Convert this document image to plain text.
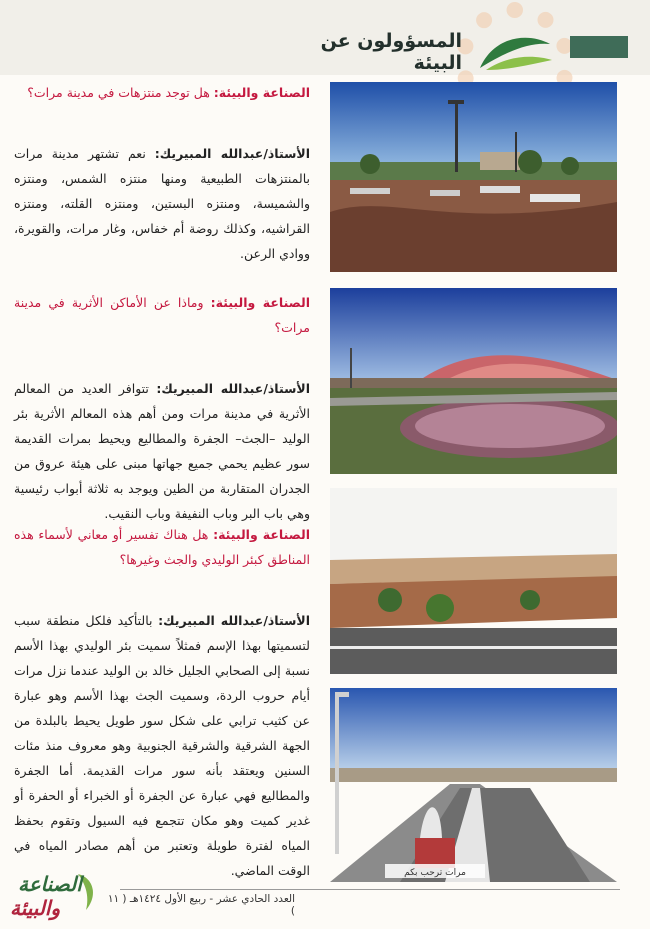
المسؤولون عن البيئة

الصناعة والبيئة: هل توجد منتزهات في مدينة مرات؟

الأستاذ/عبدالله المبيريك: نعم تشتهر مدينة مرات بالمنتزهات الطبيعية ومنها منتزه الشمس، ومنتزه والشميسة، ومنتزه البستين، ومنتزه القلته، ومنتزه القراشيه، وكذلك روضة أم خفاس، وغار مرات، والقويرة، ووادي الرعن.

الصناعة والبيئة: وماذا عن الأماكن الأثرية في مدينة مرات؟

الأستاذ/عبدالله المبيريك: تتوافر العديد من المعالم الأثرية في مدينة مرات ومن أهم هذه المعالم الأثرية بئر الوليد –الجث– الجفرة والمطاليع ويحيط بمرات القديمة سور عظيم يحمي جميع جهاتها مبنى على هيئة عروق من الجدران المتقاربة من الطين ويوجد به ثلاثة أبواب رئيسية وهي باب البر وباب النفيفة وباب النقيب.

الصناعة والبيئة: هل هناك تفسير أو معاني لأسماء هذه المناطق كبئر الوليدي والجث وغيرها؟

الأستاذ/عبدالله المبيريك: بالتأكيد فلكل منطقة سبب لتسميتها بهذا الإسم فمثلاً سميت بئر الوليدي بهذا الأسم نسبة إلى الصحابي الجليل خالد بن الوليد عندما نزل مرات أيام حروب الردة، وسميت الجث بهذا الأسم وهو عبارة عن كثيب ترابي على شكل سور طويل يحيط بالبلدة من الجهة الشرقية والشرقية الجنوبية وهو معروف منذ مئات السنين ويعتقد بأنه سور مرات القديمة. أما الجفرة والمطاليع فهي عبارة عن الجفرة أو الخبراء أو الحفرة أو غدير كميت وهو مكان تتجمع فيه السيول وتقوم بحفظ المياه لفترة طويلة وتعتبر من أهم مصادر المياه في الوقت الماضي.	مرات ترحب بكم
العدد الحادي عشر - ربيع الأول ١٤٢٤هـ ( ١١ )
الصناعة
والبيئة
